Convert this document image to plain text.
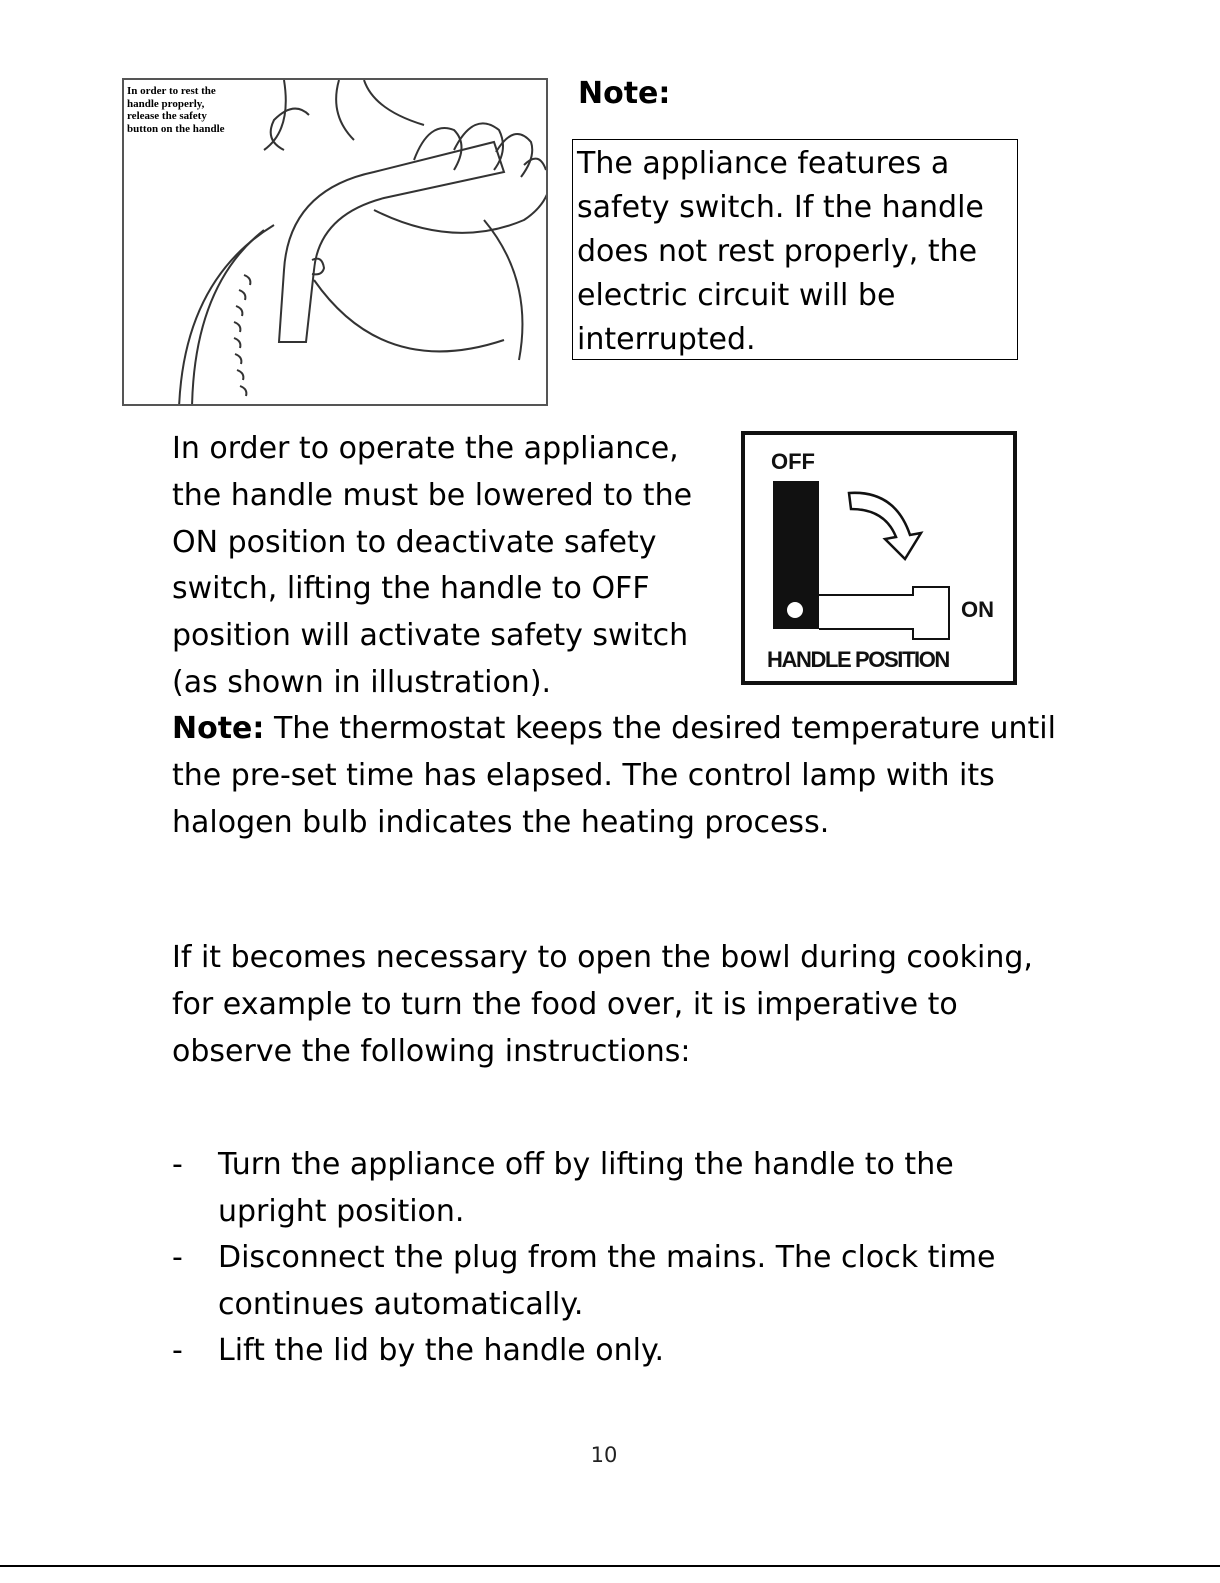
In order to rest the
handle properly,
release the safety
button on the handle
Note:
The appliance features a safety switch. If the handle does not rest properly, the electric circuit will be interrupted.
In order to operate the appliance, the handle must be lowered to the ON position to deactivate safety switch, lifting the handle to OFF position will activate safety switch (as shown in illustration).
OFF
ON
HANDLE POSITION
Note: The thermostat keeps the desired temperature until the pre-set time has elapsed. The control lamp with its halogen bulb indicates the heating process.
If it becomes necessary to open the bowl during cooking, for example to turn the food over, it is imperative to observe the following instructions:
- Turn the appliance off by lifting the handle to the upright position.
- Disconnect the plug from the mains. The clock time continues automatically.
- Lift the lid by the handle only.
10
